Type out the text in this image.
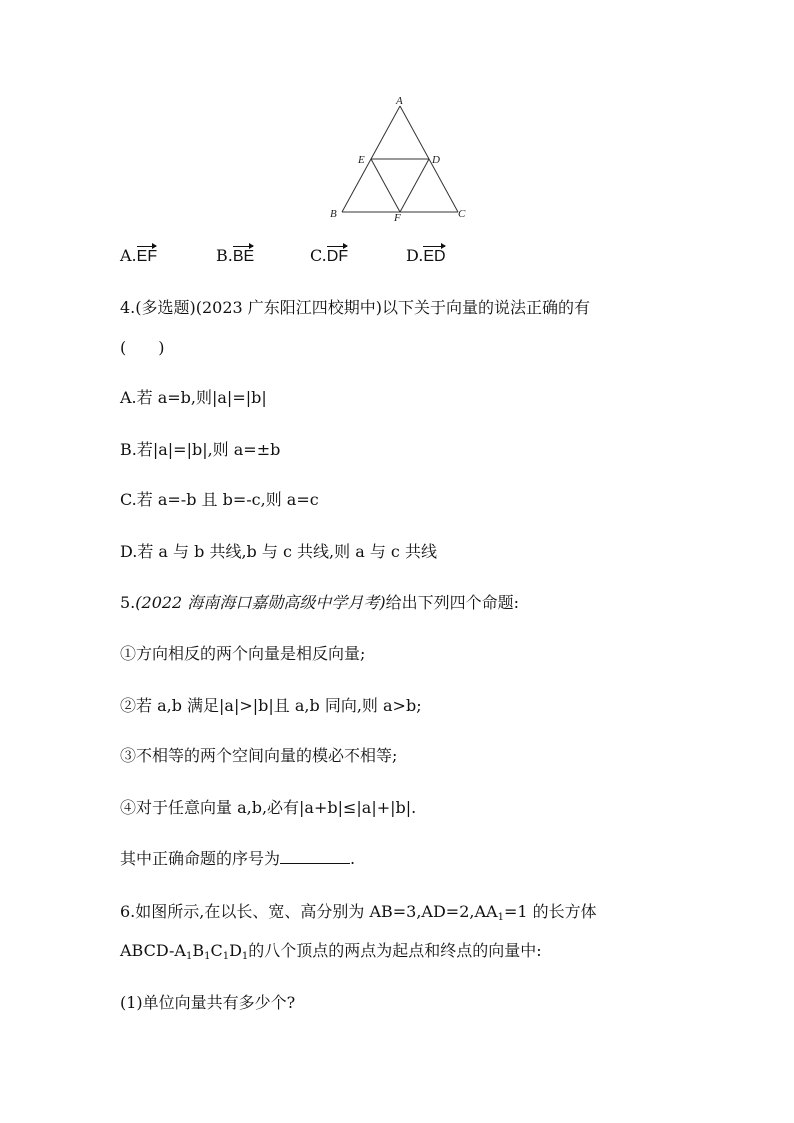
A
E	D
B	F	C
A.EF	B.BE	C.DF	D.ED
4.(多选题)(2023 广东阳江四校期中)以下关于向量的说法正确的有
(　　)
A.若 a=b,则|a|=|b|
B.若|a|=|b|,则 a=±b
C.若 a=-b 且 b=-c,则 a=c
D.若 a 与 b 共线,b 与 c 共线,则 a 与 c 共线
5.(2022 海南海口嘉勋高级中学月考)给出下列四个命题:
①方向相反的两个向量是相反向量;
②若 a,b 满足|a|>|b|且 a,b 同向,则 a>b;
③不相等的两个空间向量的模必不相等;
④对于任意向量 a,b,必有|a+b|≤|a|+|b|.
其中正确命题的序号为	.
6.如图所示,在以长、宽、高分别为 $AB=3,AD=2,AA_1=1$ 的长方体
ABCD-$A_1B_1C_1D_1$的八个顶点的两点为起点和终点的向量中:
(1)单位向量共有多少个?
